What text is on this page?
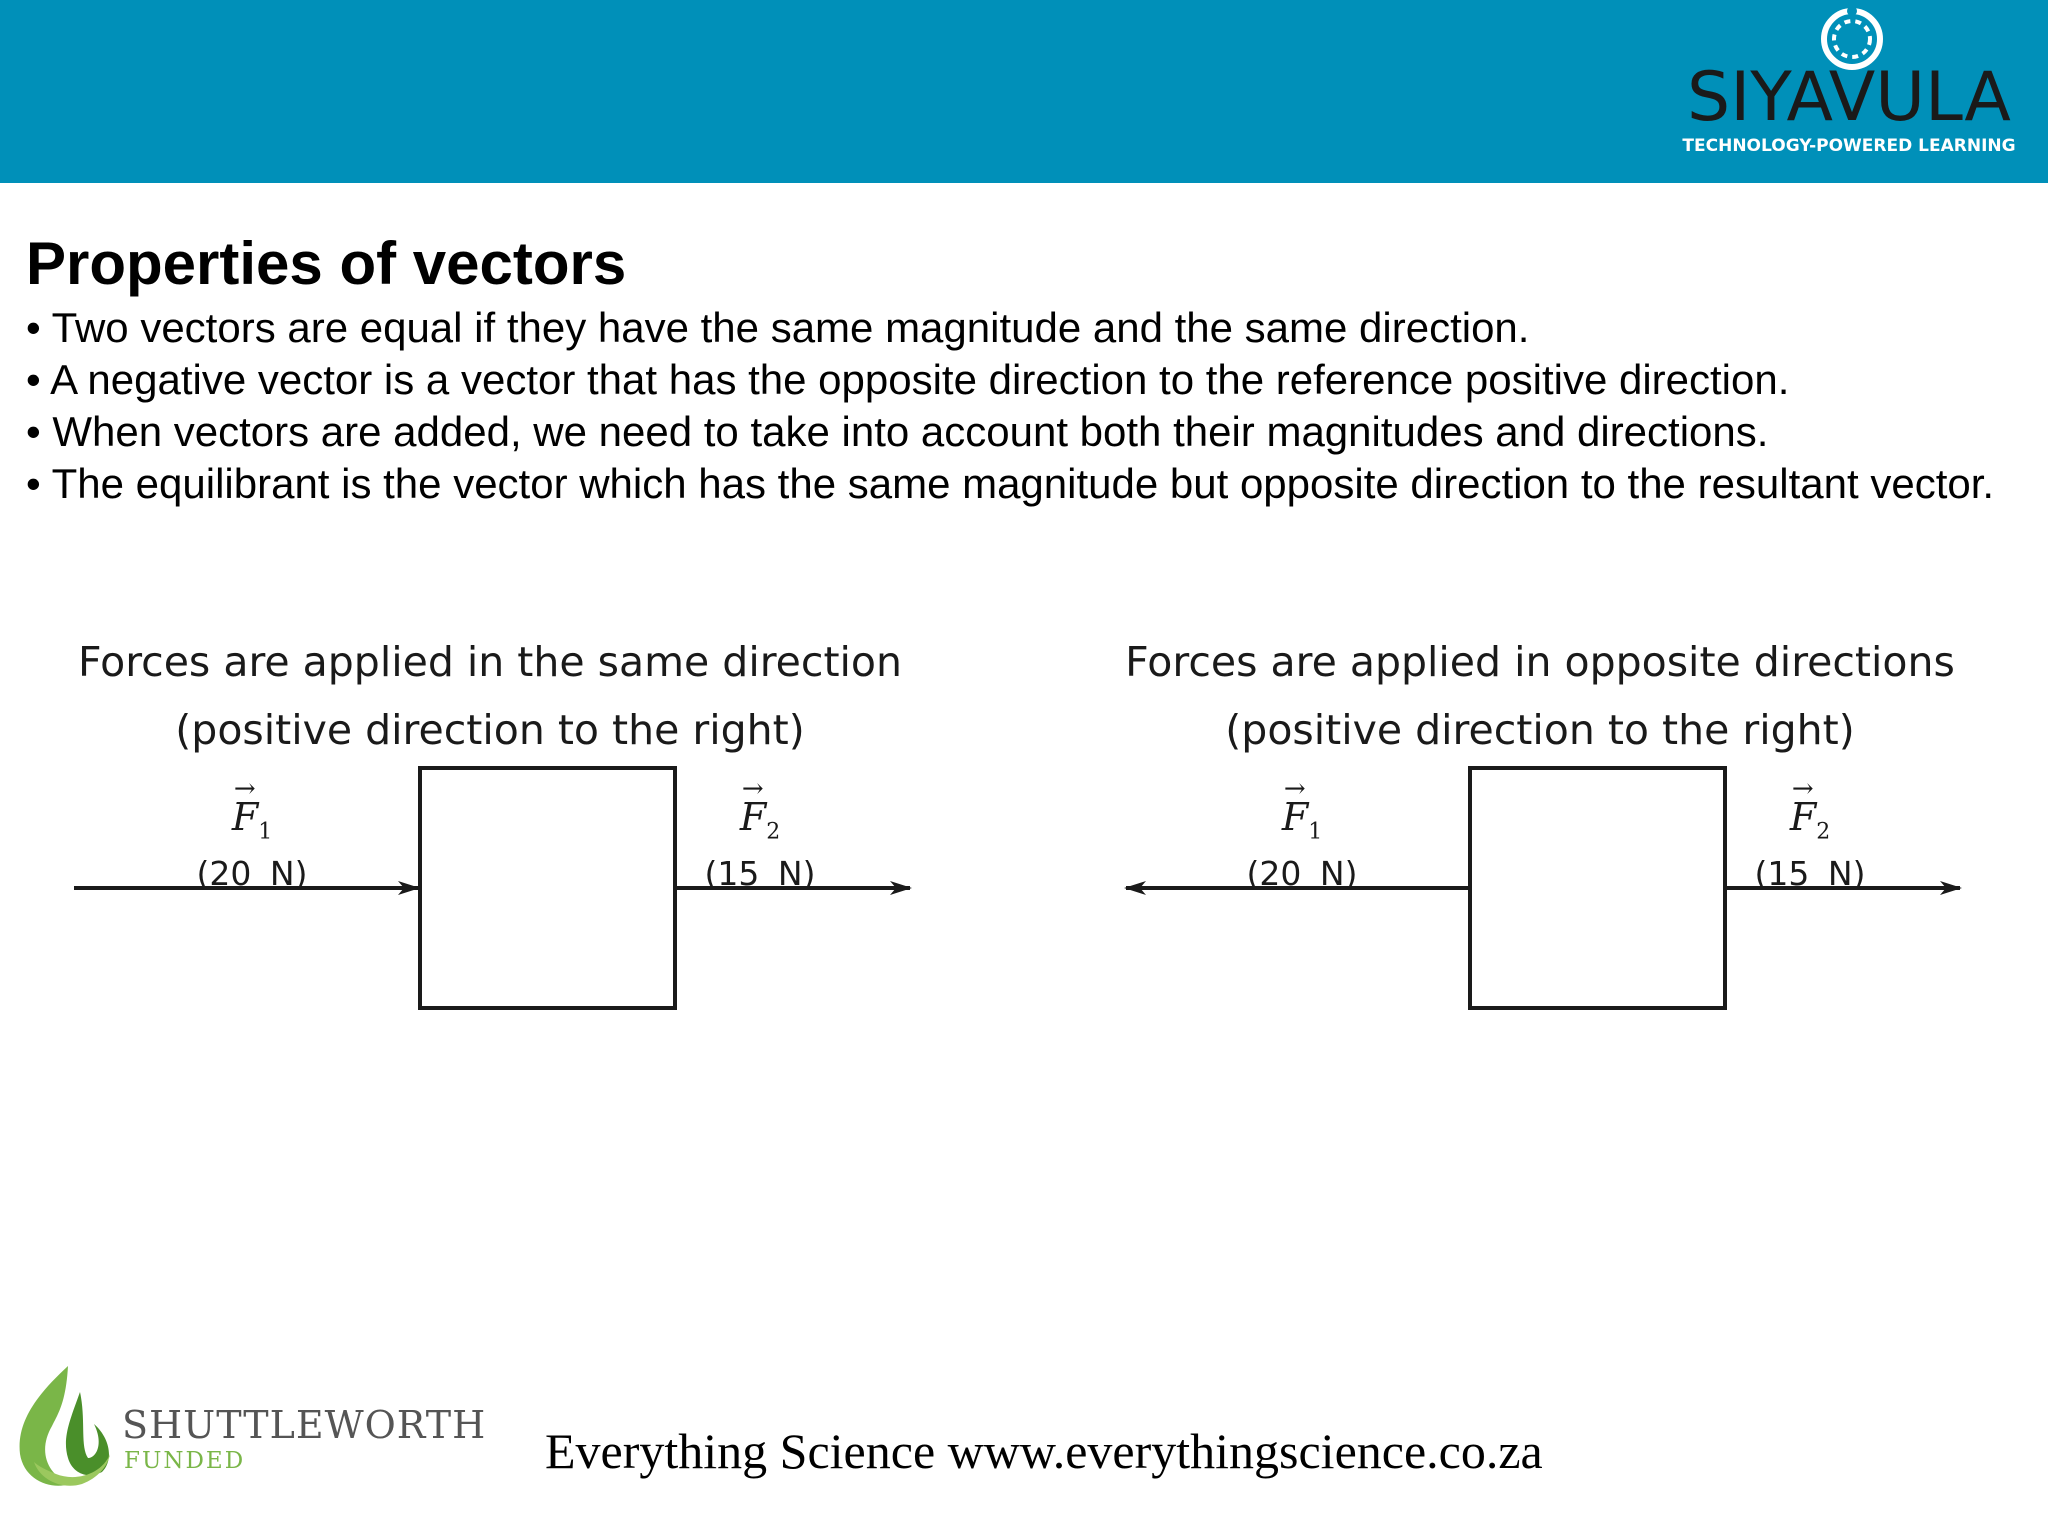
SIYAVULA
TECHNOLOGY-POWERED LEARNING
Properties of vectors
• Two vectors are equal if they have the same magnitude and the same direction.
• A negative vector is a vector that has the opposite direction to the reference positive direction.
• When vectors are added, we need to take into account both their magnitudes and directions.
• The equilibrant is the vector which has the same magnitude but opposite direction to the resultant vector.
Forces are applied in the same direction
(positive direction to the right)
→ $F_1$
(20 N)
→ $F_2$
(15 N)
Forces are applied in opposite directions
(positive direction to the right)
→ $F_1$
(20 N)
→ $F_2$
(15 N)
SHUTTLEWORTH
FUNDED	Everything Science www.everythingscience.co.za
